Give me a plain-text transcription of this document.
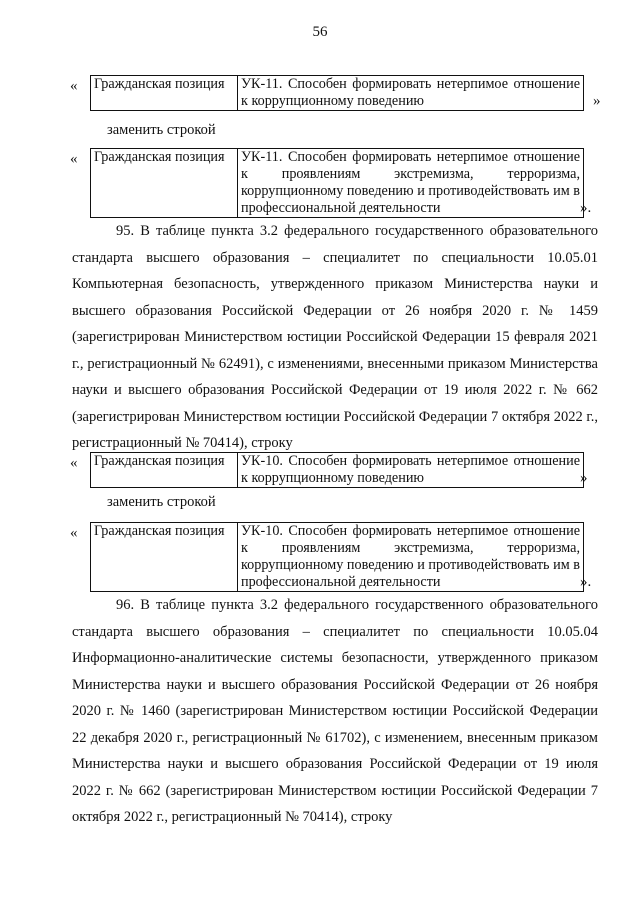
56
« Гражданская позиция	УК-11. Способен формировать нетерпимое отношение к коррупционному поведению	»
заменить строкой
« Гражданская позиция	УК-11. Способен формировать нетерпимое отношение к проявлениям экстремизма, терроризма, коррупционному поведению и противодействовать им в профессиональной деятельности	».

95. В таблице пункта 3.2 федерального государственного образовательного стандарта высшего образования – специалитет по специальности 10.05.01 Компьютерная безопасность, утвержденного приказом Министерства науки и высшего образования Российской Федерации от 26 ноября 2020 г. № 1459 (зарегистрирован Министерством юстиции Российской Федерации 15 февраля 2021 г., регистрационный № 62491), с изменениями, внесенными приказом Министерства науки и высшего образования Российской Федерации от 19 июля 2022 г. № 662 (зарегистрирован Министерством юстиции Российской Федерации 7 октября 2022 г., регистрационный № 70414), строку

« Гражданская позиция	УК-10. Способен формировать нетерпимое отношение к коррупционному поведению	»
заменить строкой
« Гражданская позиция	УК-10. Способен формировать нетерпимое отношение к проявлениям экстремизма, терроризма, коррупционному поведению и противодействовать им в профессиональной деятельности	».

96. В таблице пункта 3.2 федерального государственного образовательного стандарта высшего образования – специалитет по специальности 10.05.04 Информационно-аналитические системы безопасности, утвержденного приказом Министерства науки и высшего образования Российской Федерации от 26 ноября 2020 г. № 1460 (зарегистрирован Министерством юстиции Российской Федерации 22 декабря 2020 г., регистрационный № 61702), с изменением, внесенным приказом Министерства науки и высшего образования Российской Федерации от 19 июля 2022 г. № 662 (зарегистрирован Министерством юстиции Российской Федерации 7 октября 2022 г., регистрационный № 70414), строку
